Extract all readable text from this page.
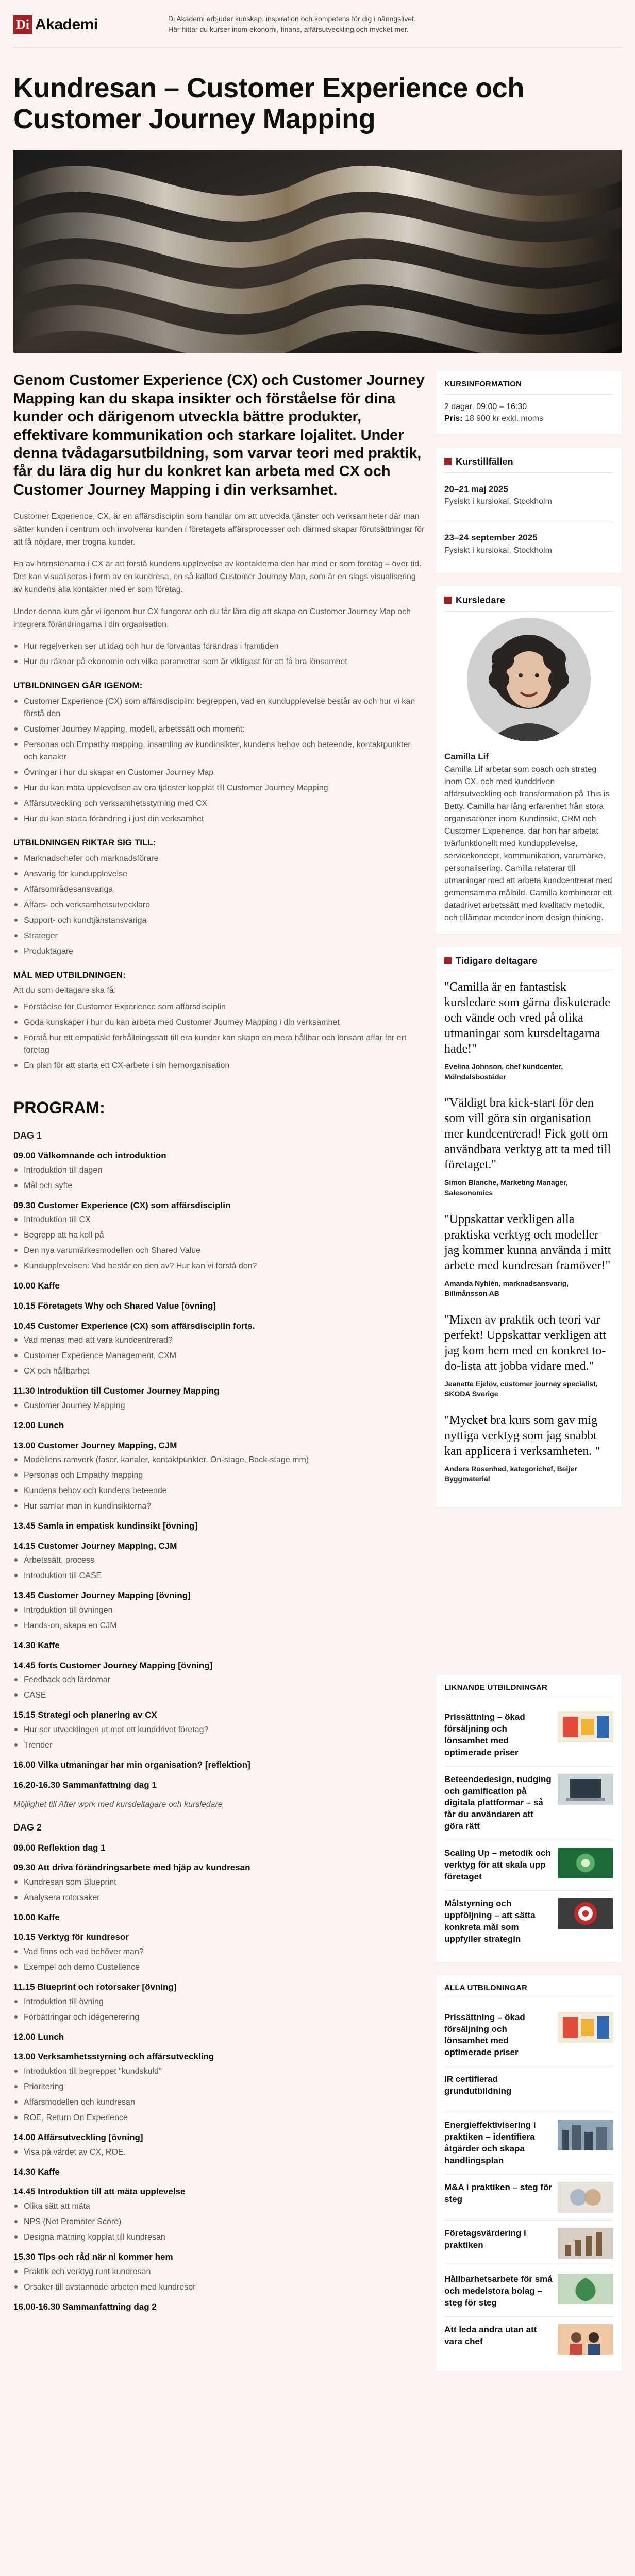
Di Akademi	Di Akademi erbjuder kunskap, inspiration och kompetens för dig i näringslivet.
Här hittar du kurser inom ekonomi, finans, affärsutveckling och mycket mer.
Kundresan – Customer Experience och Customer Journey Mapping

Genom Customer Experience (CX) och Customer Journey Mapping kan du skapa insikter och förståelse för dina kunder och därigenom utveckla bättre produkter, effektivare kommunikation och starkare lojalitet. Under denna tvådagarsutbildning, som varvar teori med praktik, får du lära dig hur du konkret kan arbeta med CX och Customer Journey Mapping i din verksamhet.

Customer Experience, CX, är en affärsdisciplin som handlar om att utveckla tjänster och verksamheter där man sätter kunden i centrum och involverar kunden i företagets affärsprocesser och därmed skapar förutsättningar för att få nöjdare, mer trogna kunder.

En av hörnstenarna i CX är att förstå kundens upplevelse av kontakterna den har med er som företag – över tid. Det kan visualiseras i form av en kundresa, en så kallad Customer Journey Map, som är en slags visualisering av kundens alla kontakter med er som företag.

Under denna kurs går vi igenom hur CX fungerar och du får lära dig att skapa en Customer Journey Map och integrera förändringarna i din organisation.

Hur regelverken ser ut idag och hur de förväntas förändras i framtiden
Hur du räknar på ekonomin och vilka parametrar som är viktigast för att få bra lönsamhet
UTBILDNINGEN GÅR IGENOM:
Customer Experience (CX) som affärsdisciplin: begreppen, vad en kundupplevelse består av och hur vi kan förstå den
Customer Journey Mapping, modell, arbetssätt och moment:
Personas och Empathy mapping, insamling av kundinsikter, kundens behov och beteende, kontaktpunkter och kanaler
Övningar i hur du skapar en Customer Journey Map
Hur du kan mäta upplevelsen av era tjänster kopplat till Customer Journey Mapping
Affärsutveckling och verksamhetsstyrning med CX
Hur du kan starta förändring i just din verksamhet
UTBILDNINGEN RIKTAR SIG TILL:
Marknadschefer och marknadsförare
Ansvarig för kundupplevelse
Affärsområdesansvariga
Affärs- och verksamhetsutvecklare
Support- och kundtjänstansvariga
Strateger
Produktägare
MÅL MED UTBILDNINGEN:
Att du som deltagare ska få:
Förståelse för Customer Experience som affärsdisciplin
Goda kunskaper i hur du kan arbeta med Customer Journey Mapping i din verksamhet
Förstå hur ett empatiskt förhållningssätt till era kunder kan skapa en mera hållbar och lönsam affär för ert företag
En plan för att starta ett CX-arbete i sin hemorganisation
PROGRAM:
DAG 1
09.00 Välkomnande och introduktion
Introduktion till dagen
Mål och syfte
09.30 Customer Experience (CX) som affärsdisciplin
Introduktion till CX
Begrepp att ha koll på
Den nya varumärkesmodellen och Shared Value
Kundupplevelsen: Vad består en den av? Hur kan vi förstå den?
10.00 Kaffe
10.15 Företagets Why och Shared Value [övning]
10.45 Customer Experience (CX) som affärsdisciplin forts.
Vad menas med att vara kundcentrerad?
Customer Experience Management, CXM
CX och hållbarhet
11.30 Introduktion till Customer Journey Mapping
Customer Journey Mapping
12.00 Lunch
13.00 Customer Journey Mapping, CJM
Modellens ramverk (faser, kanaler, kontaktpunkter, On-stage, Back-stage mm)
Personas och Empathy mapping
Kundens behov och kundens beteende
Hur samlar man in kundinsikterna?
13.45 Samla in empatisk kundinsikt [övning]
14.15 Customer Journey Mapping, CJM
Arbetssätt, process
Introduktion till CASE
13.45 Customer Journey Mapping [övning]
Introduktion till övningen
Hands-on, skapa en CJM
14.30 Kaffe
14.45 forts Customer Journey Mapping [övning]
Feedback och lärdomar
CASE
15.15 Strategi och planering av CX
Hur ser utvecklingen ut mot ett kunddrivet företag?
Trender
16.00 Vilka utmaningar har min organisation? [reflektion]
16.20-16.30 Sammanfattning dag 1
Möjlighet till After work med kursdeltagare och kursledare
DAG 2
09.00 Reflektion dag 1
09.30 Att driva förändringsarbete med hjäp av kundresan
Kundresan som Blueprint
Analysera rotorsaker
10.00 Kaffe
10.15 Verktyg för kundresor
Vad finns och vad behöver man?
Exempel och demo Custellence
11.15 Blueprint och rotorsaker [övning]
Introduktion till övning
Förbättringar och idégenerering
12.00 Lunch
13.00 Verksamhetsstyrning och affärsutveckling
Introduktion till begreppet "kundskuld"
Prioritering
Affärsmodellen och kundresan
ROE, Return On Experience
14.00 Affärsutveckling [övning]
Visa på värdet av CX, ROE.
14.30 Kaffe
14.45 Introduktion till att mäta upplevelse
Olika sätt att mäta
NPS (Net Promoter Score)
Designa mätning kopplat till kundresan
15.30 Tips och råd när ni kommer hem
Praktik och verktyg runt kundresan
Orsaker till avstannade arbeten med kundresor
16.00-16.30 Sammanfattning dag 2
KURSINFORMATION
2 dagar, 09:00 – 16:30
Pris: 18 900 kr exkl. moms
Kurstillfällen
20–21 maj 2025
Fysiskt i kurslokal, Stockholm
23–24 september 2025
Fysiskt i kurslokal, Stockholm
Kursledare
Camilla Lif
Camilla Lif arbetar som coach och strateg inom CX, och med kunddriven affärsutveckling och transformation på This is Betty. Camilla har lång erfarenhet från stora organisationer inom Kundinsikt, CRM och Customer Experience, där hon har arbetat tvärfunktionellt med kundupplevelse, servicekoncept, kommunikation, varumärke, personalisering. Camilla relaterar till utmaningar med att arbeta kundcentrerat med gemensamma målbild. Camilla kombinerar ett datadrivet arbetssätt med kvalitativ metodik, och tillämpar metoder inom design thinking.
Tidigare deltagare
"Camilla är en fantastisk kursledare som gärna diskuterade och vände och vred på olika utmaningar som kursdeltagarna hade!"
Evelina Johnson, chef kundcenter, Mölndalsbostäder
"Väldigt bra kick-start för den som vill göra sin organisation mer kundcentrerad! Fick gott om användbara verktyg att ta med till företaget."
Simon Blanche, Marketing Manager, Salesonomics
"Uppskattar verkligen alla praktiska verktyg och modeller jag kommer kunna använda i mitt arbete med kundresan framöver!"
Amanda Nyhlén, marknadsansvarig, Billmånsson AB
"Mixen av praktik och teori var perfekt! Uppskattar verkligen att jag kom hem med en konkret to-do-lista att jobba vidare med."
Jeanette Ejelöv, customer journey specialist, SKODA Sverige
"Mycket bra kurs som gav mig nyttiga verktyg som jag snabbt kan applicera i verksamheten. "
Anders Rosenhed, kategorichef, Beijer Byggmaterial
LIKNANDE UTBILDNINGAR
Prissättning – ökad försäljning och lönsamhet med optimerade priser
Beteendedesign, nudging och gamification på digitala plattformar – så får du användaren att göra rätt
Scaling Up – metodik och verktyg för att skala upp företaget
Målstyrning och uppföljning – att sätta konkreta mål som uppfyller strategin
ALLA UTBILDNINGAR
Prissättning – ökad försäljning och lönsamhet med optimerade priser
IR certifierad grundutbildning
Energieffektivisering i praktiken – identifiera åtgärder och skapa handlingsplan
M&A i praktiken – steg för steg
Företagsvärdering i praktiken
Hållbarhetsarbete för små och medelstora bolag – steg för steg
Att leda andra utan att vara chef
